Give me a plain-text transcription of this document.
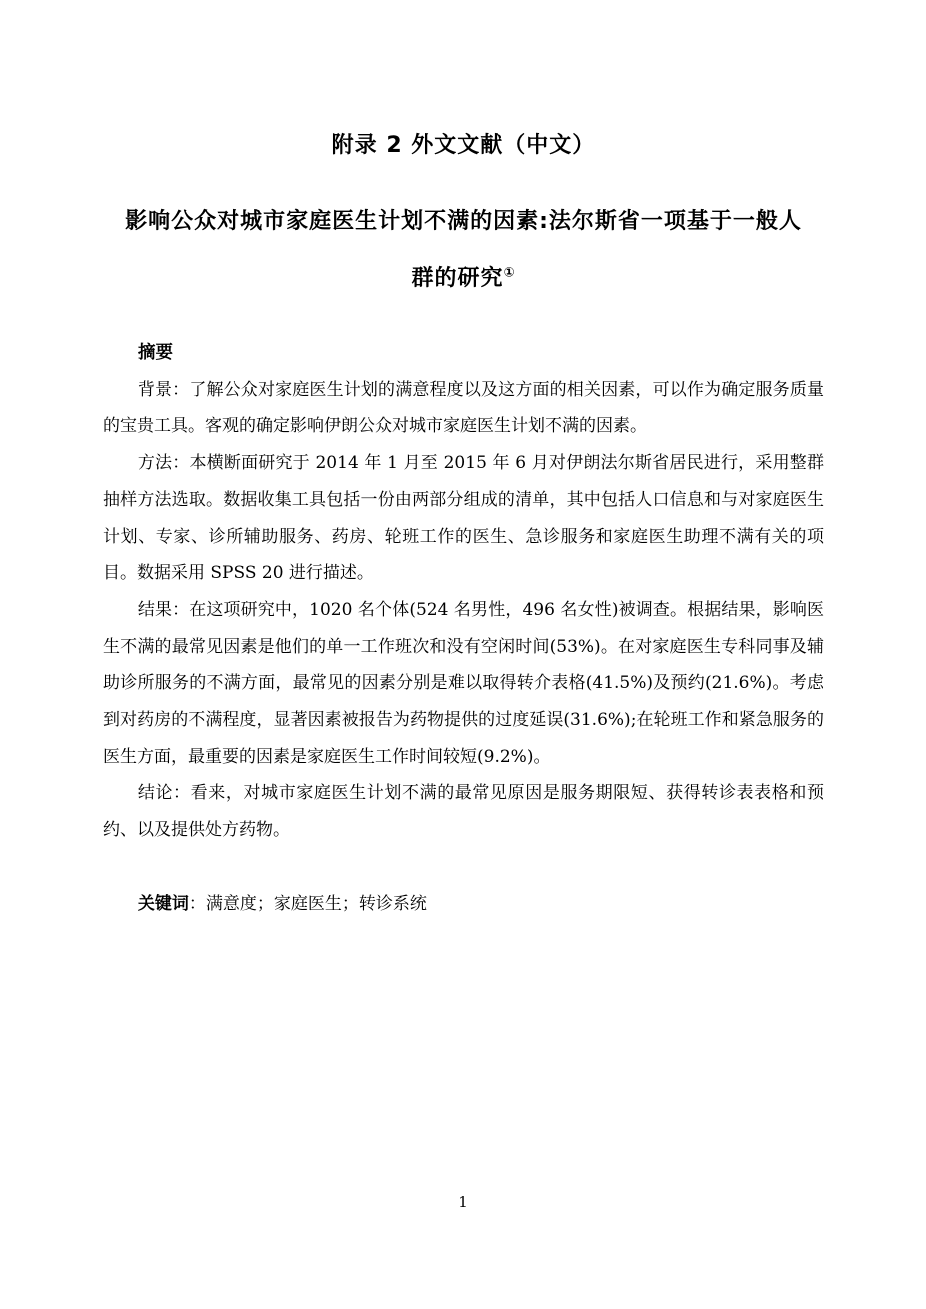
附录 2 外文文献（中文）
影响公众对城市家庭医生计划不满的因素:法尔斯省一项基于一般人
群的研究①
摘要

背景：了解公众对家庭医生计划的满意程度以及这方面的相关因素，可以作为确定服务质量的宝贵工具。客观的确定影响伊朗公众对城市家庭医生计划不满的因素。

方法：本横断面研究于 2014 年 1 月至 2015 年 6 月对伊朗法尔斯省居民进行，采用整群抽样方法选取。数据收集工具包括一份由两部分组成的清单，其中包括人口信息和与对家庭医生计划、专家、诊所辅助服务、药房、轮班工作的医生、急诊服务和家庭医生助理不满有关的项目。数据采用 SPSS 20 进行描述。

结果：在这项研究中，1020 名个体(524 名男性，496 名女性)被调查。根据结果，影响医生不满的最常见因素是他们的单一工作班次和没有空闲时间(53%)。在对家庭医生专科同事及辅助诊所服务的不满方面，最常见的因素分别是难以取得转介表格(41.5%)及预约(21.6%)。考虑到对药房的不满程度，显著因素被报告为药物提供的过度延误(31.6%);在轮班工作和紧急服务的医生方面，最重要的因素是家庭医生工作时间较短(9.2%)。

结论：看来，对城市家庭医生计划不满的最常见原因是服务期限短、获得转诊表表格和预约、以及提供处方药物。

关键词：满意度；家庭医生；转诊系统
1
